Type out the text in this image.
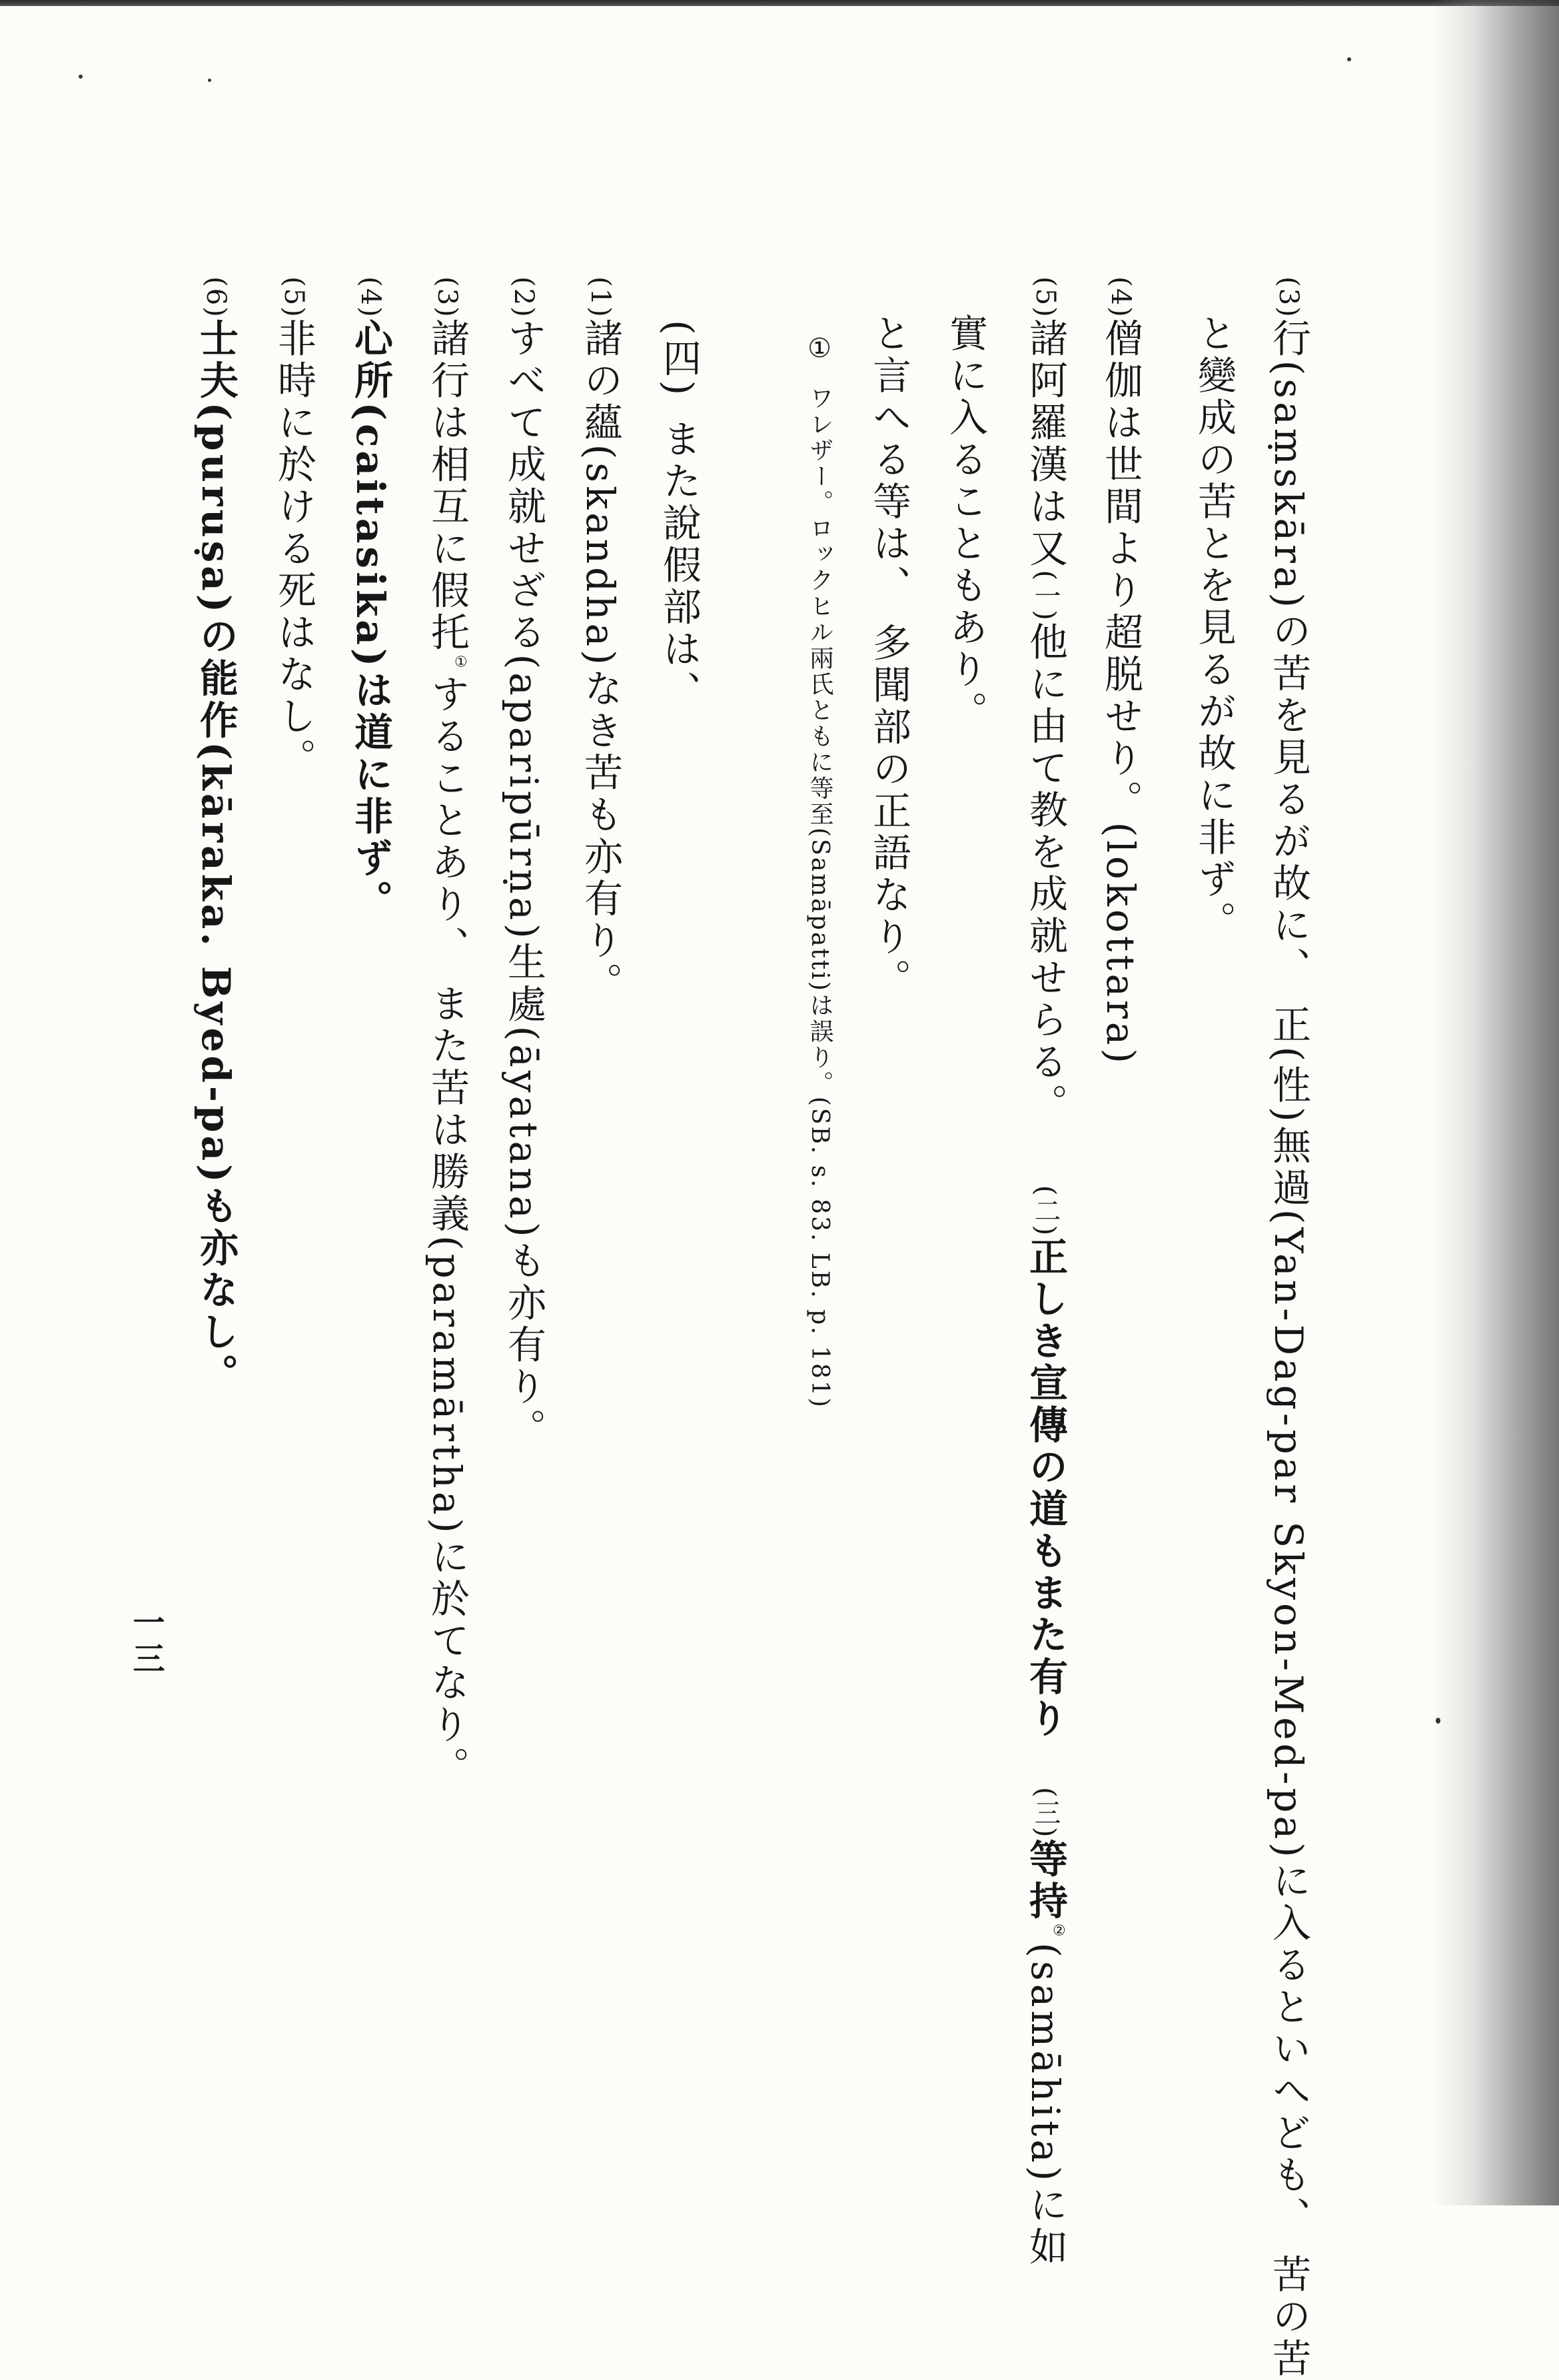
(3)行(saṃskāra)の苦を見るが故に、 正(性)無過(Yan-Dag-par Skyon-Med-pa)に入るといへども、 苦の苦
と變成の苦とを見るが故に非ず。
(4)僧伽は世間より超脱せり。(lokottara)
(5)諸阿羅漢は又(一)他に由て教を成就せらる。(二)正しき宣傳の道もまた有り(三)等持②(samāhita)に如
實に入ることもあり。
と言へる等は、 多聞部の正語なり。
①ワレザー。ロックヒル兩氏ともに等至(Samāpatti)は誤り。(SB. s. 83. LB. p. 181)
(四)また說假部は、
(1)諸の蘊(skandha)なき苦も亦有り。
(2)すべて成就せざる(aparipūrṇa)生處(āyatana)も亦有り。
(3)諸行は相互に假托①することあり、 また苦は勝義(paramārtha)に於てなり。
(4)心所(caitasika)は道に非ず。
(5)非時に於ける死はなし。
(6)士夫(puruṣa)の能作(kāraka. Byed-pa)も亦なし。
一三
